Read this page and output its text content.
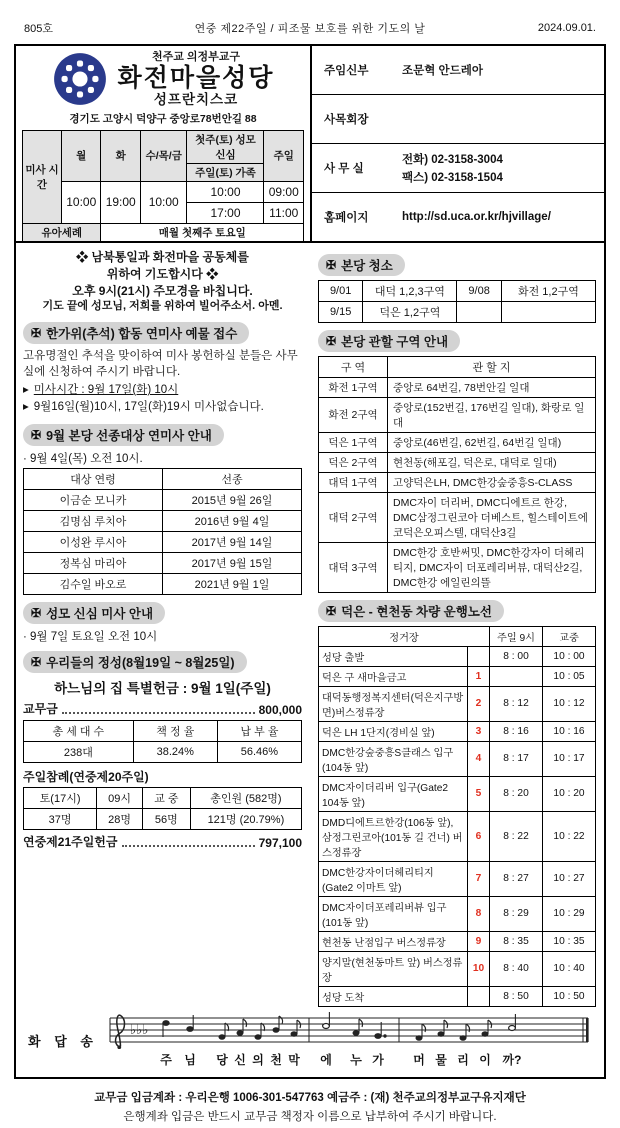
805호	연중 제22주일 / 피조물 보호를 위한 기도의 날	2024.09.01.
천주교 의정부교구
화전마을성당
성프란치스코
경기도 고양시 덕양구 중앙로78번안길 88
미사 시간	월	화	수/목/금	첫주(토) 성모 신심	주일
				주일(토) 가족	
	10:00	19:00	10:00	10:00	09:00
				17:00	11:00
유아세례		매월 첫째주 토요일			
주임신부	조문혁 안드레아
사목회장
사 무 실
전화) 02-3158-3004
팩스) 02-3158-1504
홈페이지	http://sd.uca.or.kr/hjvillage/
❖ 남북통일과 화전마을 공동체를
위하여 기도합시다 ❖
오후 9시(21시) 주모경을 바칩니다.
기도 끝에 성모님, 저희를 위하여 빌어주소서. 아멘.
✠ 한가위(추석) 합동 연미사 예물 접수
고유명절인 추석을 맞이하여 미사 봉헌하실 분들은 사무실에 신청하여 주시기 바랍니다.
▸ 미사시간 : 9월 17일(화) 10시
▸ 9월16일(월)10시, 17일(화)19시 미사없습니다.
✠ 9월 본당 선종대상 연미사 안내
· 9월 4일(목) 오전 10시.
대상 연령	선종
이금순 모니카	2015년 9월 26일
김명심 루치아	2016년 9월 4일
이성완 루시아	2017년 9월 14일
정복심 마리아	2017년 9월 15일
김수일 바오로	2021년 9월 1일
✠ 성모 신심 미사 안내
· 9월 7일 토요일 오전 10시
✠ 우리들의 정성(8월19일 ~ 8월25일)
하느님의 집 특별헌금 : 9월 1일(주일)
교무금	800,000
총 세 대 수	책 정 율	납 부 율
238대	38.24%	56.46%
주일참례(연중제20주일)
토(17시)	09시	교 중	총인원 (582명)
37명	28명	56명	121명 (20.79%)
연중제21주일헌금	797,100
✠ 본당 청소
9/01	대덕 1,2,3구역	9/08	화전 1,2구역
9/15	덕은 1,2구역		
✠ 본당 관할 구역 안내
구 역	관 할 지
화전 1구역	중앙로 64번길, 78번안길 일대
화전 2구역	중앙로(152번길, 176번길 일대), 화랑로 일대
덕은 1구역	중앙로(46번길, 62번길, 64번길 일대)
덕은 2구역	현천동(해포길, 덕은로, 대덕로 일대)
대덕 1구역	고양덕은LH, DMC한강숲중흥S-CLASS
대덕 2구역	DMC자이 더리버, DMC디에트르 한강, DMC삼정그린코아 더베스트, 힐스테이트에코덕은오피스텔, 대덕산3길
대덕 3구역	DMC한강 호반써밋, DMC한강자이 더헤리티지, DMC자이 더포레리버뷰, 대덕산2길, DMC한강 에일린의뜰
✠ 덕은 - 현천동 차량 운행노선
정거장		주일 9시	교중
성당 출발		8 : 00	10 : 00
덕은 구 새마을금고	1		10 : 05
대덕동행정복지센터(덕은지구방면)버스정류장	2	8 : 12	10 : 12
덕은 LH 1단지(경비실 앞)	3	8 : 16	10 : 16
DMC한강숲중흥S클래스 입구(104동 앞)	4	8 : 17	10 : 17
DMC자이더리버 입구(Gate2 104동 앞)	5	8 : 20	10 : 20
DMD디에트르한강(106동 앞), 삼정그린코아(101동 길 건너) 버스정류장	6	8 : 22	10 : 22
DMC한강자이더헤리티지(Gate2 이마트 앞)	7	8 : 27	10 : 27
DMC자이더포레리버뷰 입구(101동 앞)	8	8 : 29	10 : 29
현천동 난점입구 버스정류장	9	8 : 35	10 : 35
양지말(현천동마트 앞) 버스정류장	10	8 : 40	10 : 40
성당 도착		8 : 50	10 : 50
화 답 송
♭♭♭
주 님 당 신 의 천 막 에 누 가 머 물 리 이 까?
교무금 입금계좌 : 우리은행 1006-301-547763 예금주 : (재) 천주교의정부교구유지재단
은행계좌 입금은 반드시 교무금 책정자 이름으로 납부하여 주시기 바랍니다.
